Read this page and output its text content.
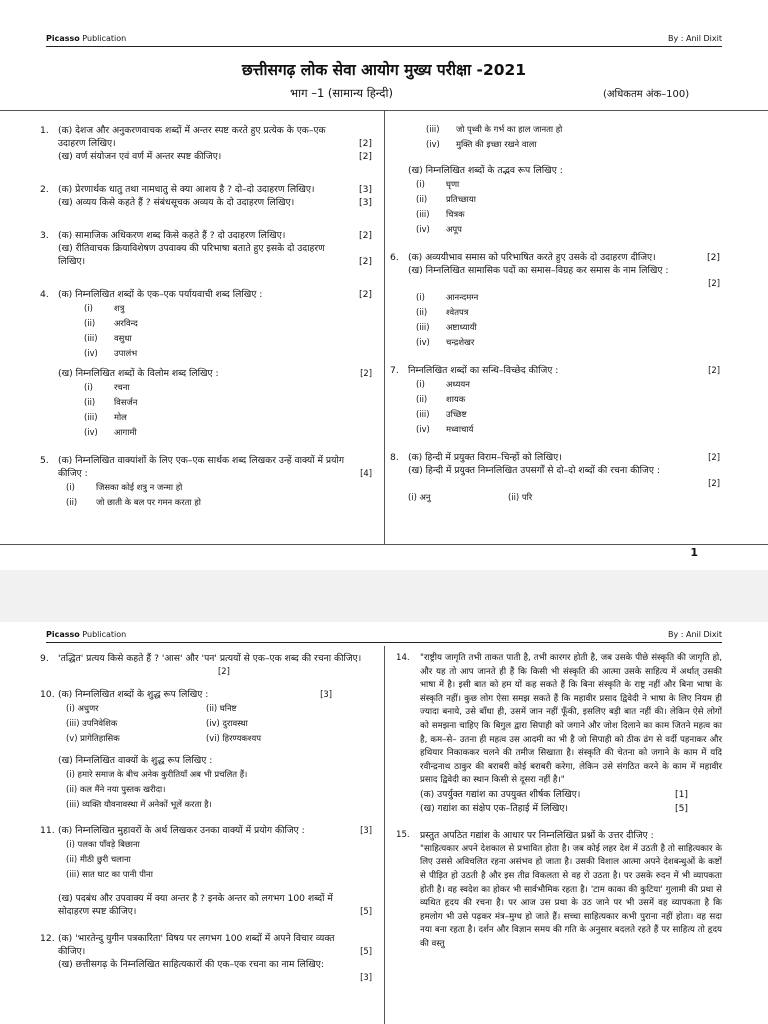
Picasso Publication	By : Anil Dixit
छत्तीसगढ़ लोक सेवा आयोग मुख्य परीक्षा -2021
भाग –1 (सामान्य हिन्दी)	(अधिकतम अंक–100)
1.	(क) देशज और अनुकरणवाचक शब्दों में अन्तर स्पष्ट करते हुए प्रत्येक के एक–एक उदाहरण लिखिए।	[2]
(ख) वर्ण संयोजन एवं वर्ण में अन्तर स्पष्ट कीजिए।	[2]
2.	(क) प्रेरणार्थक धातु तथा नामधातु से क्या आशय है ? दो–दो उदाहरण लिखिए।	[3]
(ख) अव्यय किसे कहते हैं ? संबंधसूचक अव्यय के दो उदाहरण लिखिए।	[3]
3.	(क) सामाजिक अधिकरण शब्द किसे कहते हैं ? दो उदाहरण लिखिए।	[2]
(ख) रीतिवाचक क्रियाविशेषण उपवाक्य की परिभाषा बताते हुए इसके दो उदाहरण लिखिए।	[2]
4.	(क) निम्नलिखित शब्दों के एक–एक पर्यायवाची शब्द लिखिए :	[2]
(i)	शत्रु
(ii)	अरविन्द
(iii)	वसुधा
(iv)	उपालंभ
(ख) निम्नलिखित शब्दों के विलोम शब्द लिखिए :	[2]
(i)	रचना
(ii)	विसर्जन
(iii)	मोल
(iv)	आगामी
5.	(क) निम्नलिखित वाक्यांशों के लिए एक–एक सार्थक शब्द लिखकर उन्हें वाक्यों में प्रयोग कीजिए :	[4]
(i)	जिसका कोई शत्रु न जन्मा हो
(ii)	जो छाती के बल पर गमन करता हो
(iii)	जो पृथ्वी के गर्भ का हाल जानता हो
(iv)	मुक्ति की इच्छा रखने वाला
(ख) निम्नलिखित शब्दों के तद्भव रूप लिखिए :
(i)	घृणा
(ii)	प्रतिच्छाया
(iii)	चित्रक
(iv)	अपूप
6.	(क) अव्ययीभाव समास को परिभाषित करते हुए उसके दो उदाहरण दीजिए।	[2]
(ख) निम्नलिखित सामासिक पदों का समास–विग्रह कर समास के नाम लिखिए :
[2]
(i)	आनन्दमग्न
(ii)	श्वेतपत्र
(iii)	अष्टाध्यायी
(iv)	चन्द्रशेखर
7.	निम्नलिखित शब्दों का सन्धि–विच्छेद कीजिए :	[2]
(i)	अध्ययन
(ii)	शायक
(iii)	उच्छिष्ट
(iv)	मध्वाचार्य
8.	(क) हिन्दी में प्रयुक्त विराम–चिन्हों को लिखिए।	[2]
(ख) हिन्दी में प्रयुक्त निम्नलिखित उपसर्गों से दो–दो शब्दों की रचना कीजिए :
[2]
(i) अनु	(ii) परि
1
Picasso Publication	By : Anil Dixit
9.	'तद्धित' प्रत्यय किसे कहते हैं ? 'आस' और 'पन' प्रत्ययों से एक–एक शब्द की रचना कीजिए।
[2]
10. (क) निम्नलिखित शब्दों के शुद्ध रूप लिखिए :	[3]
(i) अधुणर	(ii) घनिष्ट
(iii) उपनिवेशिक	(iv) दुरावस्था
(v) प्रागेतिहासिक	(vi) हिरण्यकश्यप
(ख) निम्नलिखित वाक्यों के शुद्ध रूप लिखिए :
(i) हमारे समाज के बीच अनेक कुरीतियाँ अब भी प्रचलित हैं।
(ii) कल मैंने नया पुस्तक खरीदा।
(iii) व्यक्ति यौवनावस्था में अनेकों भूलें करता है।
11. (क) निम्नलिखित मुहावरों के अर्थ लिखकर उनका वाक्यों में प्रयोग कीजिए :	[3]
(i) पलका पाँवड़े बिछाना
(ii) मीठी छुरी चलाना
(iii) सात घाट का पानी पीना
(ख) पदबंध और उपवाक्य में क्या अन्तर है ? इनके अन्तर को लगभग 100 शब्दों में सोदाहरण स्पष्ट कीजिए।	[5]
12. (क) 'भारतेन्दु युगीन पत्रकारिता' विषय पर लगभग 100 शब्दों में अपने विचार व्यक्त कीजिए।	[5]
(ख) छत्तीसगढ़ के निम्नलिखित साहित्यकारों की एक–एक रचना का नाम लिखिए:
[3]
14. "राष्ट्रीय जागृति तभी ताकत पाती है, तभी कारगर होती है, जब उसके पीछे संस्कृति की जागृति हो, और यह तो आप जानते ही हैं कि किसी भी संस्कृति की आत्मा उसके साहित्य में अर्थात् उसकी भाषा में है। इसी बात को हम यों कह सकते हैं कि बिना संस्कृति के राष्ट्र नहीं और बिना भाषा के संस्कृति नहीं। कुछ लोग ऐसा समझ सकते हैं कि महावीर प्रसाद द्विवेदी ने भाषा के लिए नियम ही ज्यादा बनाये, उसे बाँधा ही, उसमें जान नहीं फूँकी, इसलिए बड़ी बात नहीं की। लेकिन ऐसे लोगों को समझना चाहिए कि बिगुल द्वारा सिपाही को जगाने और जोश दिलाने का काम जितने महत्व का है, कम–से– उतना ही महत्व उस आदमी का भी है जो सिपाही को ठीक ढंग से वर्दी पहनाकर और हथियार निकाककर चलने की तमीज सिखाता है। संस्कृति की चेतना को जगाने के काम में यदि रवीन्द्रनाथ ठाकुर की बराबरी कोई बराबरी करेगा, लेकिन उसे संगठित करने के काम में महावीर प्रसाद द्विवेदी का स्थान किसी से दूसरा नहीं है।"
(क) उपर्युक्त गद्यांश का उपयुक्त शीर्षक लिखिए।	[1]
(ख) गद्यांश का संक्षेप एक–तिहाई में लिखिए।	[5]
15. प्रस्तुत अपठित गद्यांश के आधार पर निम्नलिखित प्रश्नों के उत्तर दीजिए :
"साहित्यकार अपने देशकाल से प्रभावित होता है। जब कोई लहर देश में उठती है तो साहित्यकार के लिए उससे अविचलित रहना असंभव हो जाता है। उसकी विशाल आत्मा अपने देशबन्धुओं के कष्टों से पीड़ित हो उठती है और इस तीव्र विकलता से वह रो उठता है। पर उसके रुदन में भी व्यापकता होती है। वह स्वदेश का होकर भी सार्वभौमिक रहता है। 'टाम काका की कुटिया' गुलामी की प्रथा से व्यथित हृदय की रचना है। पर आज उस प्रथा के उठ जाने पर भी उसमें वह व्यापकता है कि हमलोग भी उसे पढ़कर मंत्र–मुग्ध हो जाते हैं। सच्चा साहित्यकार कभी पुराना नहीं होता। वह सदा नया बना रहता है। दर्शन और विज्ञान समय की गति के अनुसार बदलते रहते हैं पर साहित्य तो हृदय की वस्तु
